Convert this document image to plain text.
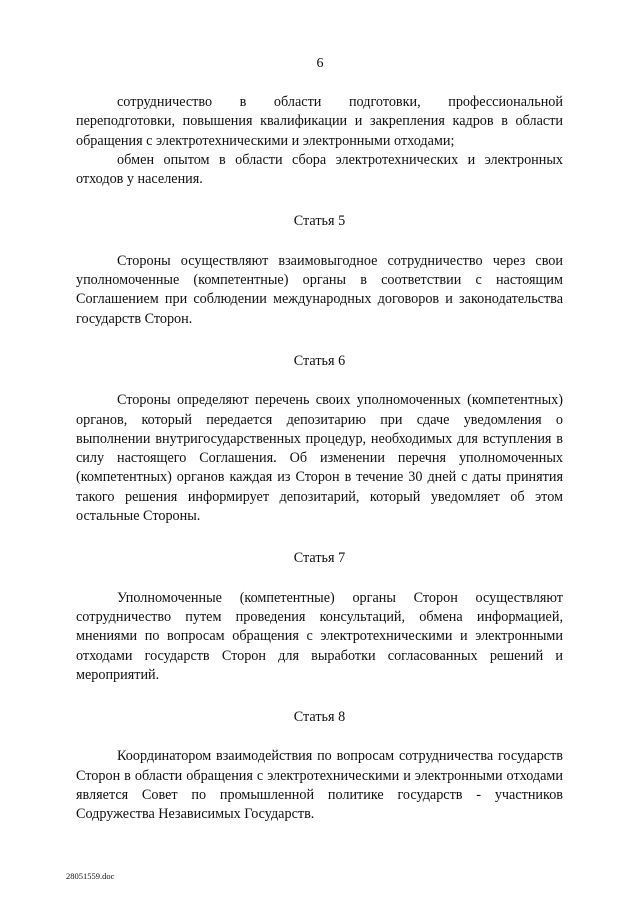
6

сотрудничество в области подготовки, профессиональной переподготовки, повышения квалификации и закрепления кадров в области обращения с электротехническими и электронными отходами;

обмен опытом в области сбора электротехнических и электронных отходов у населения.

Статья 5

Стороны осуществляют взаимовыгодное сотрудничество через свои уполномоченные (компетентные) органы в соответствии с настоящим Соглашением при соблюдении международных договоров и законодательства государств Сторон.

Статья 6

Стороны определяют перечень своих уполномоченных (компетентных) органов, который передается депозитарию при сдаче уведомления о выполнении внутригосударственных процедур, необходимых для вступления в силу настоящего Соглашения. Об изменении перечня уполномоченных (компетентных) органов каждая из Сторон в течение 30 дней с даты принятия такого решения информирует депозитарий, который уведомляет об этом остальные Стороны.

Статья 7

Уполномоченные (компетентные) органы Сторон осуществляют сотрудничество путем проведения консультаций, обмена информацией, мнениями по вопросам обращения с электротехническими и электронными отходами государств Сторон для выработки согласованных решений и мероприятий.

Статья 8

Координатором взаимодействия по вопросам сотрудничества государств Сторон в области обращения с электротехническими и электронными отходами является Совет по промышленной политике государств - участников Содружества Независимых Государств.

28051559.doc
